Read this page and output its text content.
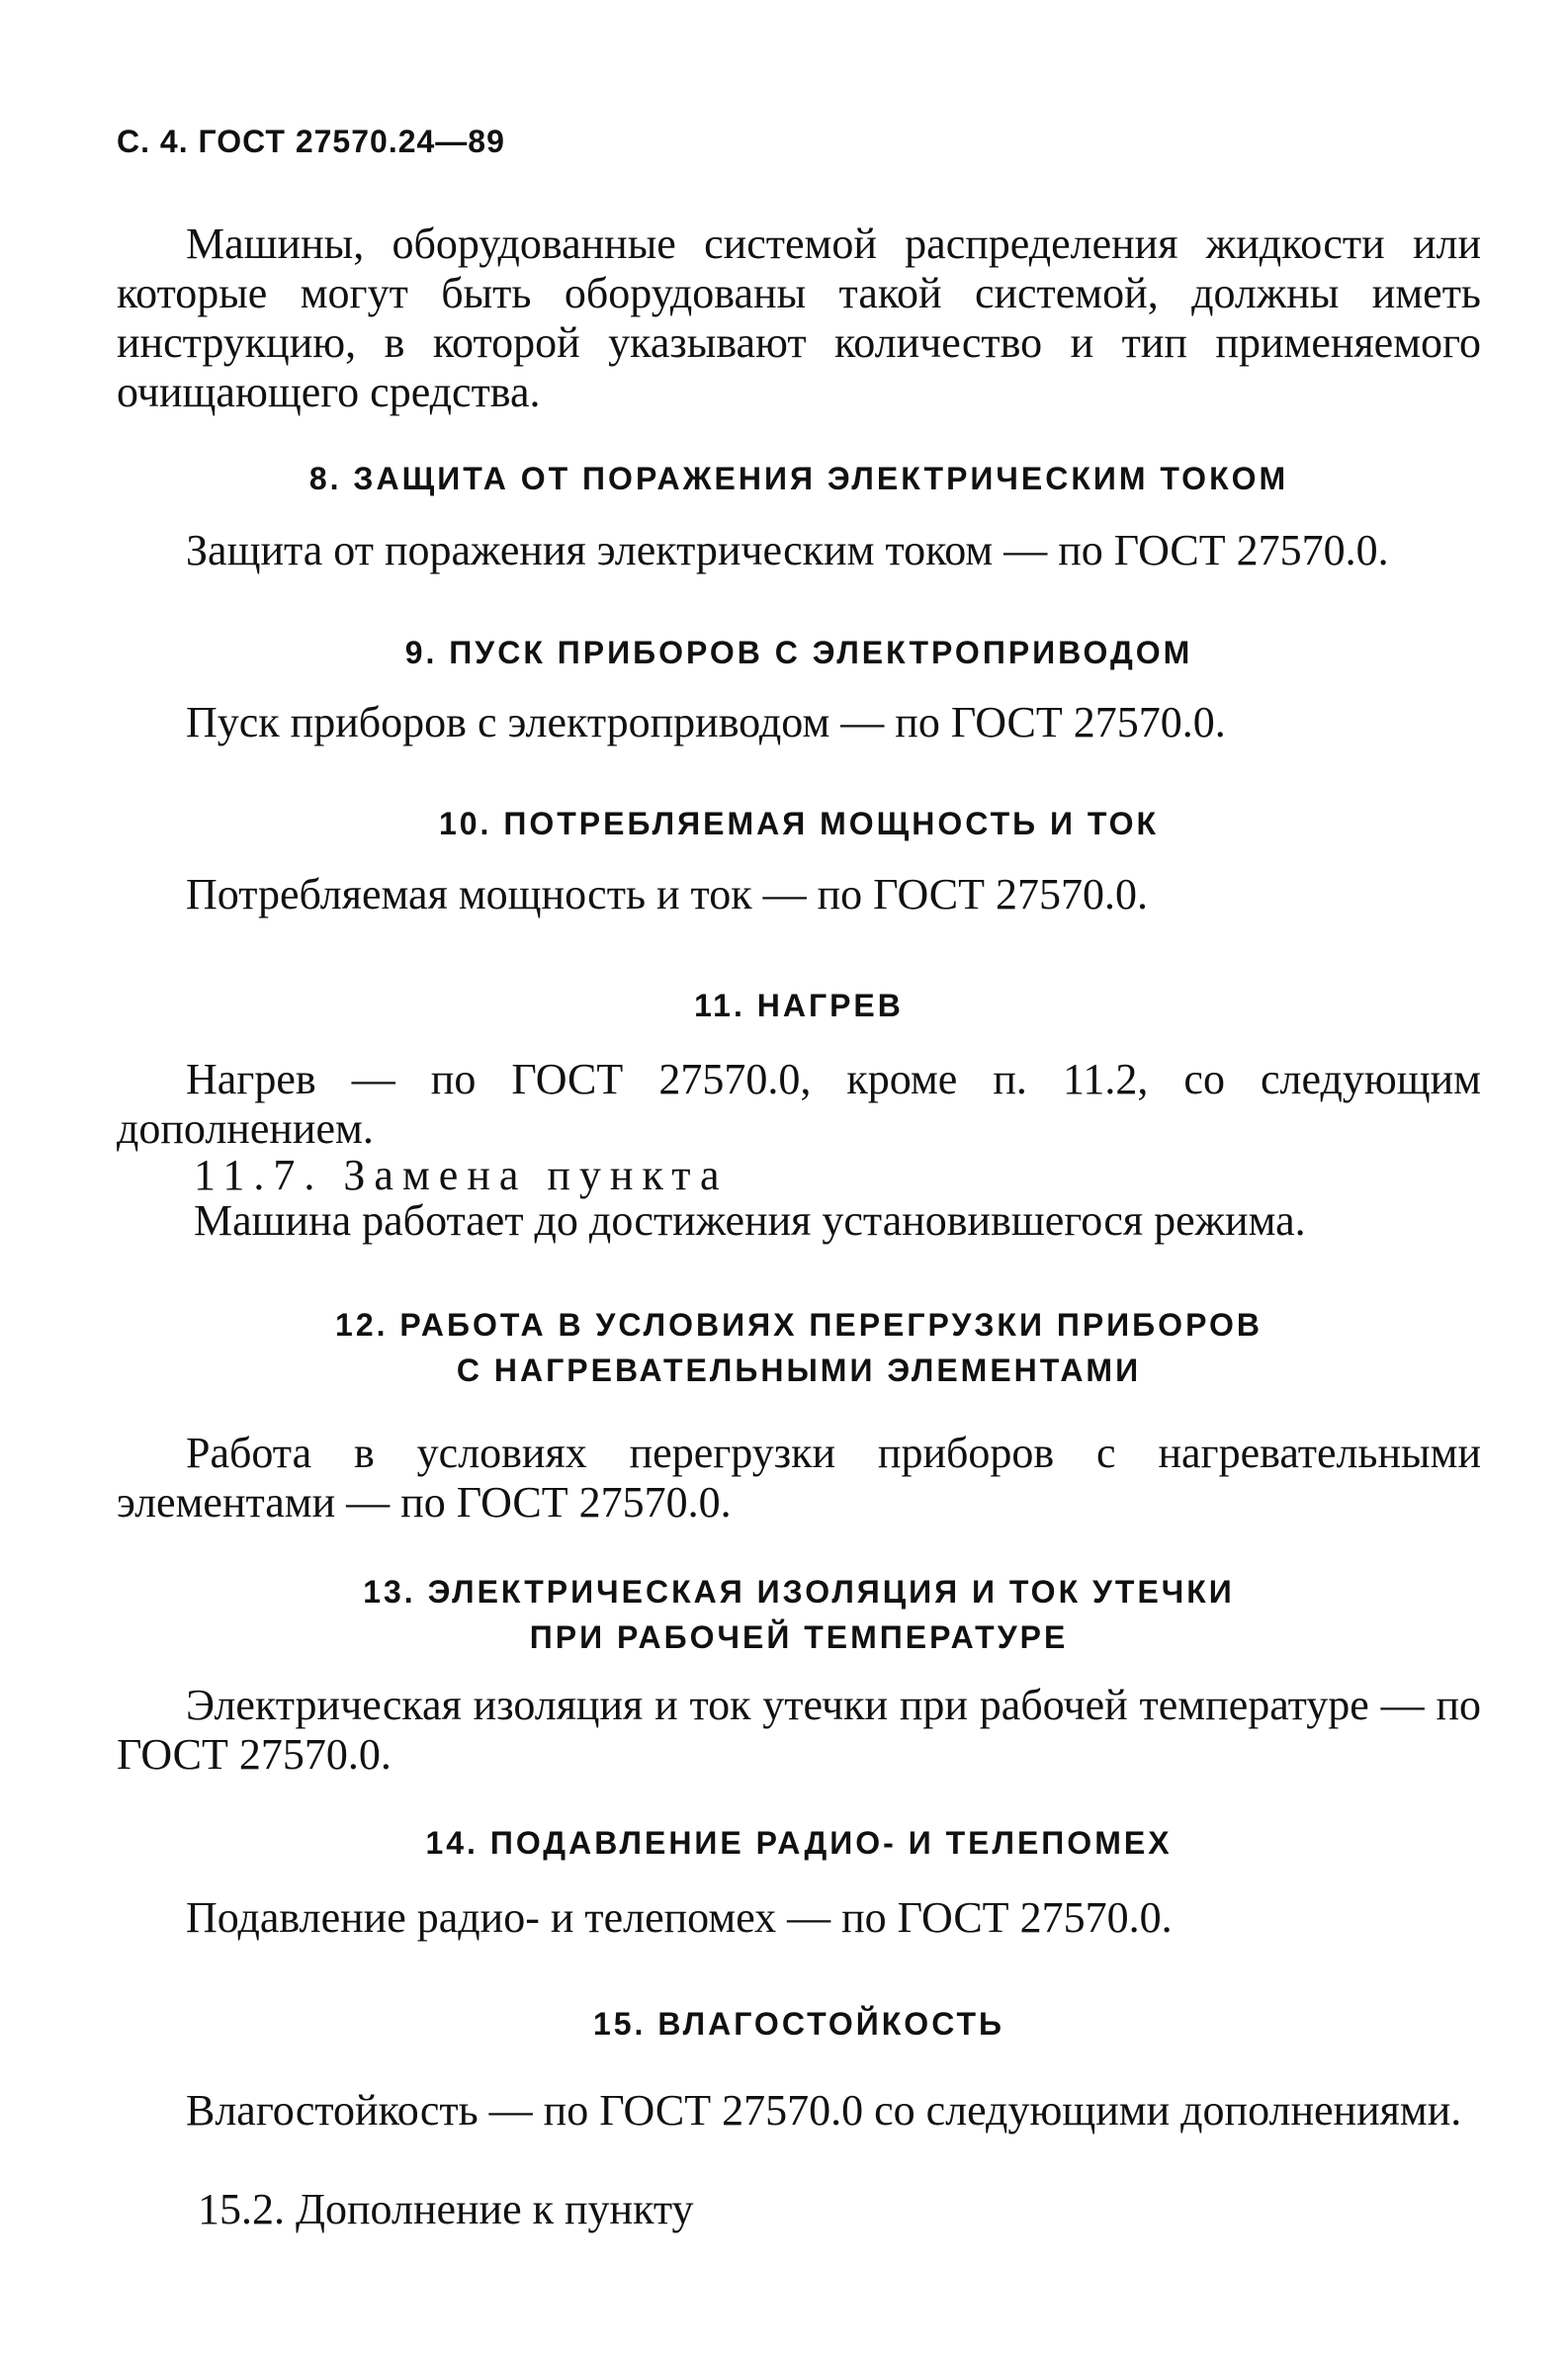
С. 4. ГОСТ 27570.24—89
Машины, оборудованные системой распределения жидкости или которые могут быть оборудованы такой системой, должны иметь инструкцию, в которой указывают количество и тип применяемого очищающего средства.
8. ЗАЩИТА ОТ ПОРАЖЕНИЯ ЭЛЕКТРИЧЕСКИМ ТОКОМ
Защита от поражения электрическим током — по ГОСТ 27570.0.
9. ПУСК ПРИБОРОВ С ЭЛЕКТРОПРИВОДОМ
Пуск приборов с электроприводом — по ГОСТ 27570.0.
10. ПОТРЕБЛЯЕМАЯ МОЩНОСТЬ И ТОК
Потребляемая мощность и ток — по ГОСТ 27570.0.
11. НАГРЕВ
Нагрев — по ГОСТ 27570.0, кроме п. 11.2, со следующим дополнением.
11.7. Замена пункта
Машина работает до достижения установившегося режима.
12. РАБОТА В УСЛОВИЯХ ПЕРЕГРУЗКИ ПРИБОРОВ
С НАГРЕВАТЕЛЬНЫМИ ЭЛЕМЕНТАМИ
Работа в условиях перегрузки приборов с нагревательными элементами — по ГОСТ 27570.0.
13. ЭЛЕКТРИЧЕСКАЯ ИЗОЛЯЦИЯ И ТОК УТЕЧКИ
ПРИ РАБОЧЕЙ ТЕМПЕРАТУРЕ
Электрическая изоляция и ток утечки при рабочей температуре — по ГОСТ 27570.0.
14. ПОДАВЛЕНИЕ РАДИО- И ТЕЛЕПОМЕХ
Подавление радио- и телепомех — по ГОСТ 27570.0.
15. ВЛАГОСТОЙКОСТЬ
Влагостойкость — по ГОСТ 27570.0 со следующими дополнениями.
15.2. Дополнение к пункту
